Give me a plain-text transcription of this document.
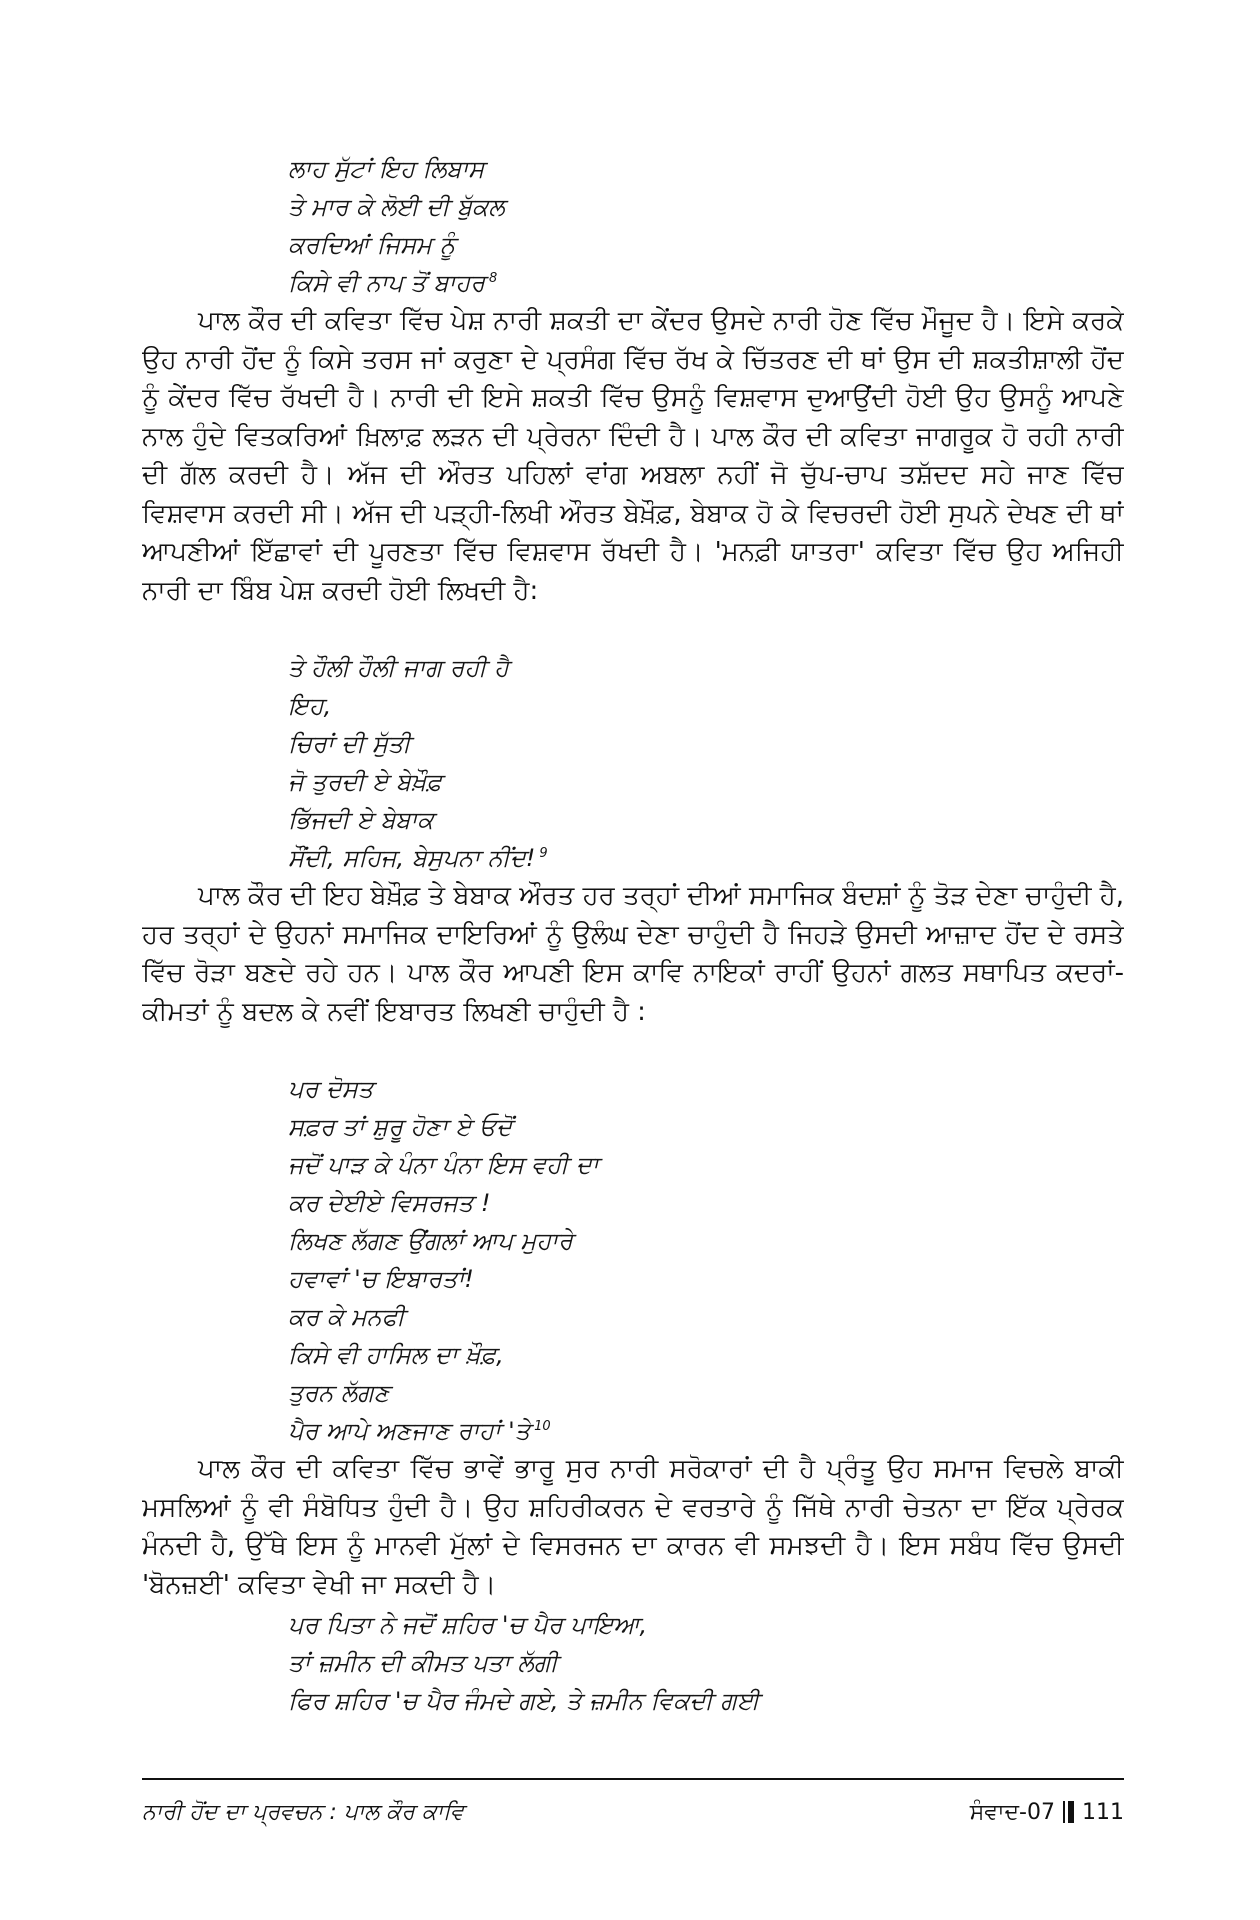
ਲਾਹ ਸੁੱਟਾਂ ਇਹ ਲਿਬਾਸ
ਤੇ ਮਾਰ ਕੇ ਲੋਈ ਦੀ ਬੁੱਕਲ
ਕਰਦਿਆਂ ਜਿਸਮ ਨੂੰ
ਕਿਸੇ ਵੀ ਨਾਪ ਤੋਂ ਬਾਹਰ $^8$

ਪਾਲ ਕੌਰ ਦੀ ਕਵਿਤਾ ਵਿੱਚ ਪੇਸ਼ ਨਾਰੀ ਸ਼ਕਤੀ ਦਾ ਕੇਂਦਰ ਉਸਦੇ ਨਾਰੀ ਹੋਣ ਵਿੱਚ ਮੌਜੂਦ ਹੈ। ਇਸੇ ਕਰਕੇ ਉਹ ਨਾਰੀ ਹੋਂਦ ਨੂੰ ਕਿਸੇ ਤਰਸ ਜਾਂ ਕਰੁਣਾ ਦੇ ਪ੍ਰਸੰਗ ਵਿੱਚ ਰੱਖ ਕੇ ਚਿੱਤਰਣ ਦੀ ਥਾਂ ਉਸ ਦੀ ਸ਼ਕਤੀਸ਼ਾਲੀ ਹੋਂਦ ਨੂੰ ਕੇਂਦਰ ਵਿੱਚ ਰੱਖਦੀ ਹੈ। ਨਾਰੀ ਦੀ ਇਸੇ ਸ਼ਕਤੀ ਵਿੱਚ ਉਸਨੂੰ ਵਿਸ਼ਵਾਸ ਦੁਆਉਂਦੀ ਹੋਈ ਉਹ ਉਸਨੂੰ ਆਪਣੇ ਨਾਲ ਹੁੰਦੇ ਵਿਤਕਰਿਆਂ ਖ਼ਿਲਾਫ਼ ਲੜਨ ਦੀ ਪ੍ਰੇਰਨਾ ਦਿੰਦੀ ਹੈ। ਪਾਲ ਕੌਰ ਦੀ ਕਵਿਤਾ ਜਾਗਰੂਕ ਹੋ ਰਹੀ ਨਾਰੀ ਦੀ ਗੱਲ ਕਰਦੀ ਹੈ। ਅੱਜ ਦੀ ਔਰਤ ਪਹਿਲਾਂ ਵਾਂਗ ਅਬਲਾ ਨਹੀਂ ਜੋ ਚੁੱਪ-ਚਾਪ ਤਸ਼ੱਦਦ ਸਹੇ ਜਾਣ ਵਿੱਚ ਵਿਸ਼ਵਾਸ ਕਰਦੀ ਸੀ। ਅੱਜ ਦੀ ਪੜ੍ਹੀ-ਲਿਖੀ ਔਰਤ ਬੇਖ਼ੌਫ਼, ਬੇਬਾਕ ਹੋ ਕੇ ਵਿਚਰਦੀ ਹੋਈ ਸੁਪਨੇ ਦੇਖਣ ਦੀ ਥਾਂ ਆਪਣੀਆਂ ਇੱਛਾਵਾਂ ਦੀ ਪੂਰਣਤਾ ਵਿੱਚ ਵਿਸ਼ਵਾਸ ਰੱਖਦੀ ਹੈ। 'ਮਨਫ਼ੀ ਯਾਤਰਾ' ਕਵਿਤਾ ਵਿੱਚ ਉਹ ਅਜਿਹੀ ਨਾਰੀ ਦਾ ਬਿੰਬ ਪੇਸ਼ ਕਰਦੀ ਹੋਈ ਲਿਖਦੀ ਹੈ:

ਤੇ ਹੌਲੀ ਹੌਲੀ ਜਾਗ ਰਹੀ ਹੈ
ਇਹ,
ਚਿਰਾਂ ਦੀ ਸੁੱਤੀ
ਜੋ ਤੁਰਦੀ ਏ ਬੇਖ਼ੌਫ਼
ਭਿੱਜਦੀ ਏ ਬੇਬਾਕ
ਸੌਂਦੀ, ਸਹਿਜ, ਬੇਸੁਪਨਾ ਨੀਂਦ! $^9$

ਪਾਲ ਕੌਰ ਦੀ ਇਹ ਬੇਖ਼ੌਫ਼ ਤੇ ਬੇਬਾਕ ਔਰਤ ਹਰ ਤਰ੍ਹਾਂ ਦੀਆਂ ਸਮਾਜਿਕ ਬੰਦਸ਼ਾਂ ਨੂੰ ਤੋੜ ਦੇਣਾ ਚਾਹੁੰਦੀ ਹੈ, ਹਰ ਤਰ੍ਹਾਂ ਦੇ ਉਹਨਾਂ ਸਮਾਜਿਕ ਦਾਇਰਿਆਂ ਨੂੰ ਉਲੰਘ ਦੇਣਾ ਚਾਹੁੰਦੀ ਹੈ ਜਿਹੜੇ ਉਸਦੀ ਆਜ਼ਾਦ ਹੋਂਦ ਦੇ ਰਸਤੇ ਵਿੱਚ ਰੋੜਾ ਬਣਦੇ ਰਹੇ ਹਨ। ਪਾਲ ਕੌਰ ਆਪਣੀ ਇਸ ਕਾਵਿ ਨਾਇਕਾਂ ਰਾਹੀਂ ਉਹਨਾਂ ਗਲਤ ਸਥਾਪਿਤ ਕਦਰਾਂ-ਕੀਮਤਾਂ ਨੂੰ ਬਦਲ ਕੇ ਨਵੀਂ ਇਬਾਰਤ ਲਿਖਣੀ ਚਾਹੁੰਦੀ ਹੈ :

ਪਰ ਦੋਸਤ
ਸਫ਼ਰ ਤਾਂ ਸ਼ੁਰੂ ਹੋਣਾ ਏ ਓਦੋਂ
ਜਦੋਂ ਪਾੜ ਕੇ ਪੰਨਾ ਪੰਨਾ ਇਸ ਵਹੀ ਦਾ
ਕਰ ਦੇਈਏ ਵਿਸਰਜਤ !
ਲਿਖਣ ਲੱਗਣ ਉਂਗਲਾਂ ਆਪ ਮੁਹਾਰੇ
ਹਵਾਵਾਂ 'ਚ ਇਬਾਰਤਾਂ!
ਕਰ ਕੇ ਮਨਫੀ
ਕਿਸੇ ਵੀ ਹਾਸਿਲ ਦਾ ਖ਼ੌਫ਼,
ਤੁਰਨ ਲੱਗਣ
ਪੈਰ ਆਪੇ ਅਣਜਾਣ ਰਾਹਾਂ 'ਤੇ $^{10}$

ਪਾਲ ਕੌਰ ਦੀ ਕਵਿਤਾ ਵਿੱਚ ਭਾਵੇਂ ਭਾਰੂ ਸੁਰ ਨਾਰੀ ਸਰੋਕਾਰਾਂ ਦੀ ਹੈ ਪ੍ਰੰਤੂ ਉਹ ਸਮਾਜ ਵਿਚਲੇ ਬਾਕੀ ਮਸਲਿਆਂ ਨੂੰ ਵੀ ਸੰਬੋਧਿਤ ਹੁੰਦੀ ਹੈ। ਉਹ ਸ਼ਹਿਰੀਕਰਨ ਦੇ ਵਰਤਾਰੇ ਨੂੰ ਜਿੱਥੇ ਨਾਰੀ ਚੇਤਨਾ ਦਾ ਇੱਕ ਪ੍ਰੇਰਕ ਮੰਨਦੀ ਹੈ, ਉੱਥੇ ਇਸ ਨੂੰ ਮਾਨਵੀ ਮੁੱਲਾਂ ਦੇ ਵਿਸਰਜਨ ਦਾ ਕਾਰਨ ਵੀ ਸਮਝਦੀ ਹੈ। ਇਸ ਸਬੰਧ ਵਿੱਚ ਉਸਦੀ 'ਬੋਨਜ਼ਈ' ਕਵਿਤਾ ਵੇਖੀ ਜਾ ਸਕਦੀ ਹੈ।

ਪਰ ਪਿਤਾ ਨੇ ਜਦੋਂ ਸ਼ਹਿਰ 'ਚ ਪੈਰ ਪਾਇਆ,
ਤਾਂ ਜ਼ਮੀਨ ਦੀ ਕੀਮਤ ਪਤਾ ਲੱਗੀ
ਫਿਰ ਸ਼ਹਿਰ 'ਚ ਪੈਰ ਜੰਮਦੇ ਗਏ, ਤੇ ਜ਼ਮੀਨ ਵਿਕਦੀ ਗਈ
ਨਾਰੀ ਹੋਂਦ ਦਾ ਪ੍ਰਵਚਨ : ਪਾਲ ਕੌਰ ਕਾਵਿ	ਸੰਵਾਦ-07 111
